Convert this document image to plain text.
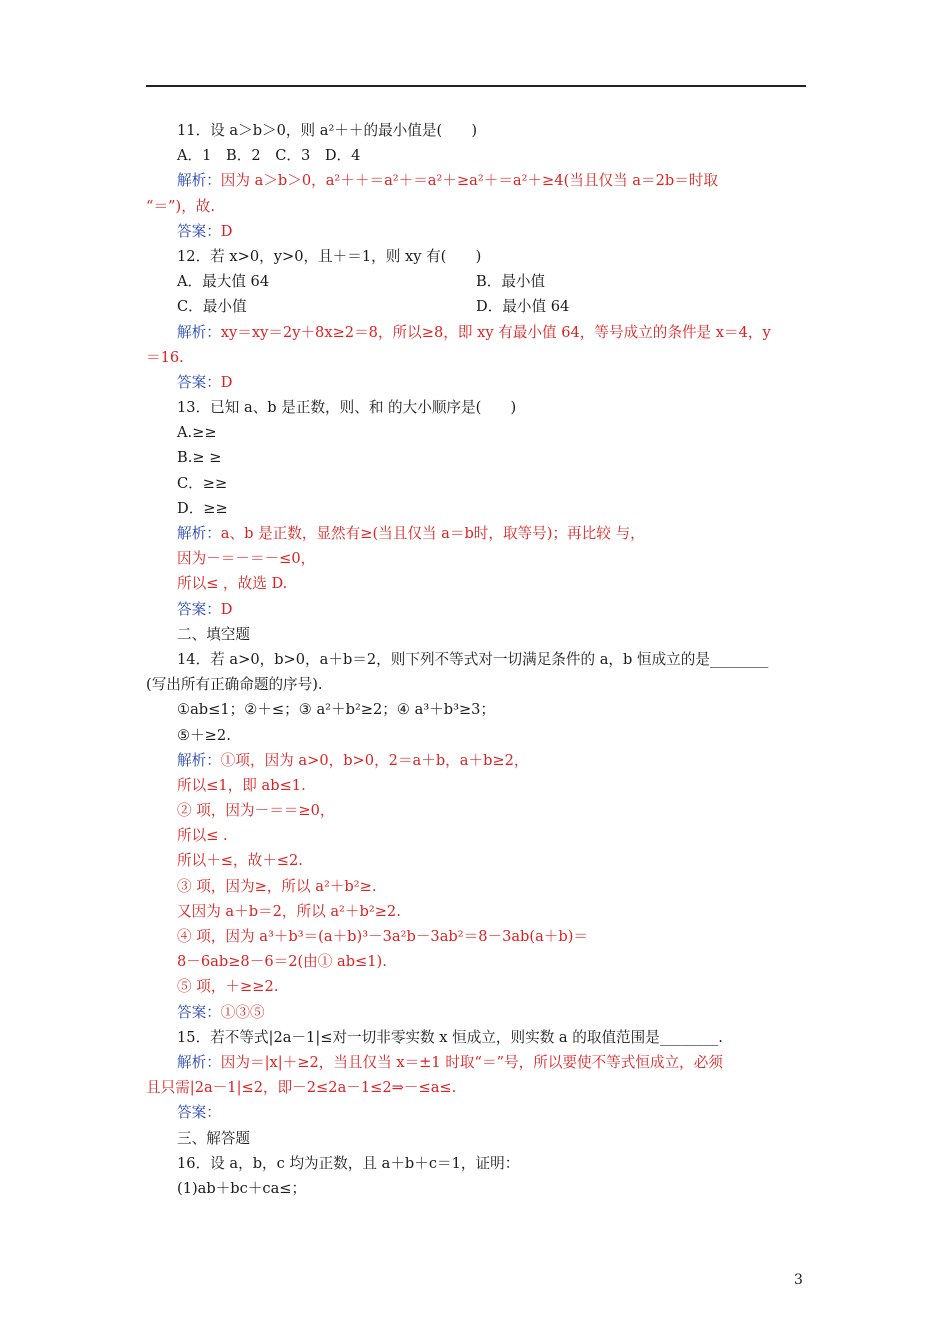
11．设 a＞b＞0，则 a²＋＋的最小值是(　　)
A．1　B．2　C．3　D．4
解析：因为 a＞b＞0，a²＋＋＝a²＋＝a²＋≥a²＋＝a²＋≥4(当且仅当 a＝2b＝时取
“＝”)，故.
答案：D
12．若 x>0，y>0，且＋＝1，则 xy 有(　　)
A．最大值 64	B．最小值
C．最小值	D．最小值 64
解析：xy＝xy＝2y＋8x≥2＝8，所以≥8，即 xy 有最小值 64，等号成立的条件是 x＝4，y
＝16.
答案：D
13．已知 a、b 是正数，则、和 的大小顺序是(　　)
A.≥≥
B.≥ ≥
C．≥≥
D．≥≥
解析：a、b 是正数，显然有≥(当且仅当 a＝b时，取等号)；再比较 与，
因为－＝－＝－≤0，
所以≤ ，故选 D.
答案：D
二、填空题
14．若 a>0，b>0，a＋b＝2，则下列不等式对一切满足条件的 a，b 恒成立的是________
(写出所有正确命题的序号).
①ab≤1；②＋≤；③ a²＋b²≥2；④ a³＋b³≥3；
⑤＋≥2.
解析：①项，因为 a>0，b>0，2＝a＋b，a＋b≥2，
所以≤1，即 ab≤1.
② 项，因为－＝＝≥0，
所以≤ .
所以＋≤，故＋≤2.
③ 项，因为≥，所以 a²＋b²≥.
又因为 a＋b＝2，所以 a²＋b²≥2.
④ 项，因为 a³＋b³＝(a＋b)³－3a²b－3ab²＝8－3ab(a＋b)＝
8－6ab≥8－6＝2(由① ab≤1).
⑤ 项，＋≥≥2.
答案：①③⑤
15．若不等式|2a－1|≤对一切非零实数 x 恒成立，则实数 a 的取值范围是________.
解析：因为＝|x|＋≥2，当且仅当 x＝±1 时取“＝”号，所以要使不等式恒成立，必须
且只需|2a－1|≤2，即－2≤2a－1≤2⇒－≤a≤.
答案：
三、解答题
16．设 a，b，c 均为正数，且 a＋b＋c＝1，证明：
(1)ab＋bc＋ca≤；
3
